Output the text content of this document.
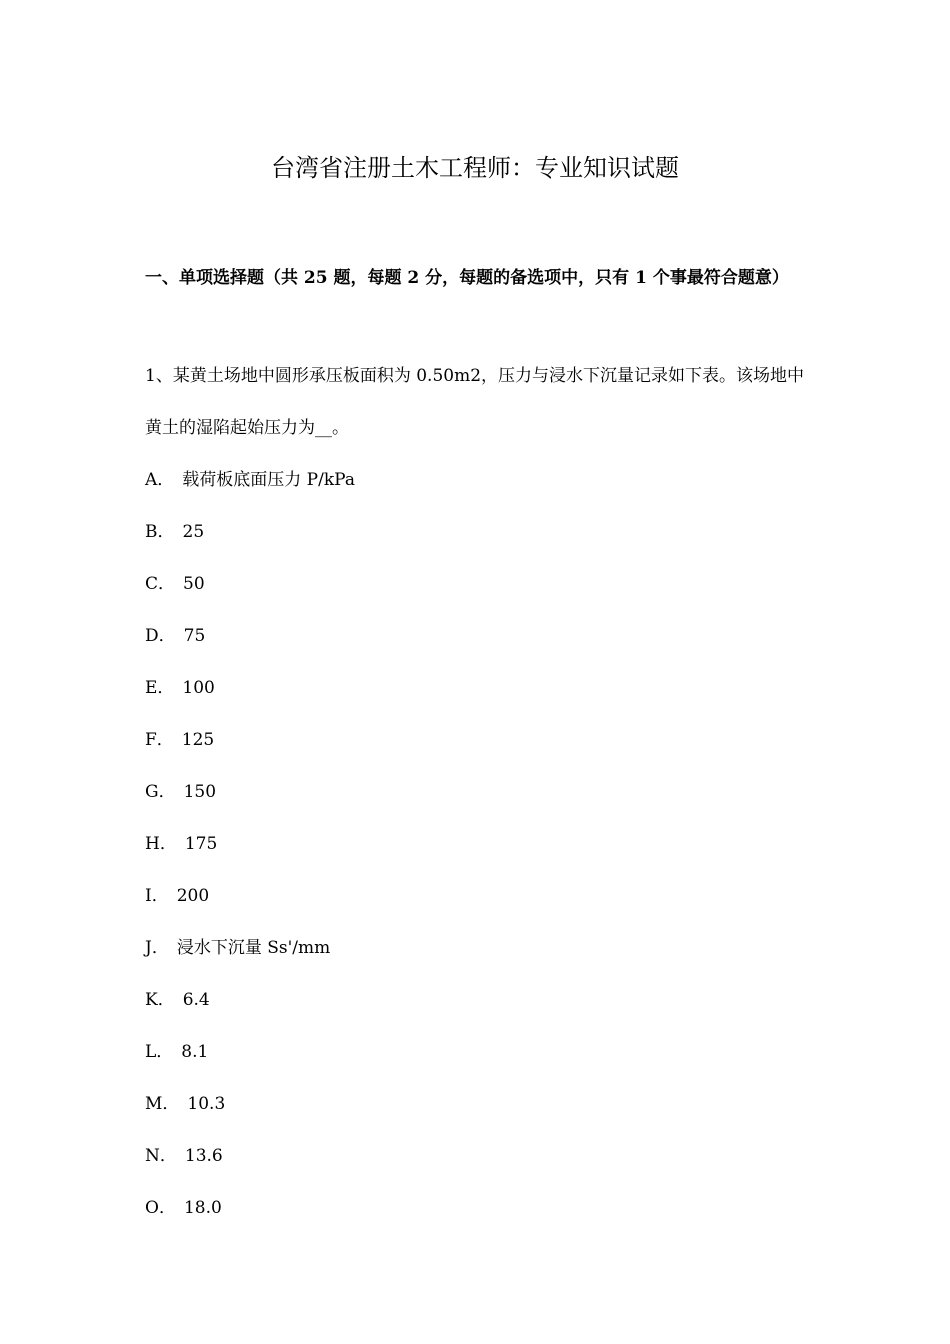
台湾省注册土木工程师：专业知识试题

一、单项选择题（共 25 题，每题 2 分，每题的备选项中，只有 1 个事最符合题意）

1、某黄土场地中圆形承压板面积为 0.50m2，压力与浸水下沉量记录如下表。该场地中黄土的湿陷起始压力为__。

A． 载荷板底面压力 P/kPa
B． 25
C． 50
D． 75
E． 100
F． 125
G． 150
H． 175
I． 200
J． 浸水下沉量 Ss'/mm
K． 6.4
L． 8.1
M． 10.3
N． 13.6
O． 18.0
